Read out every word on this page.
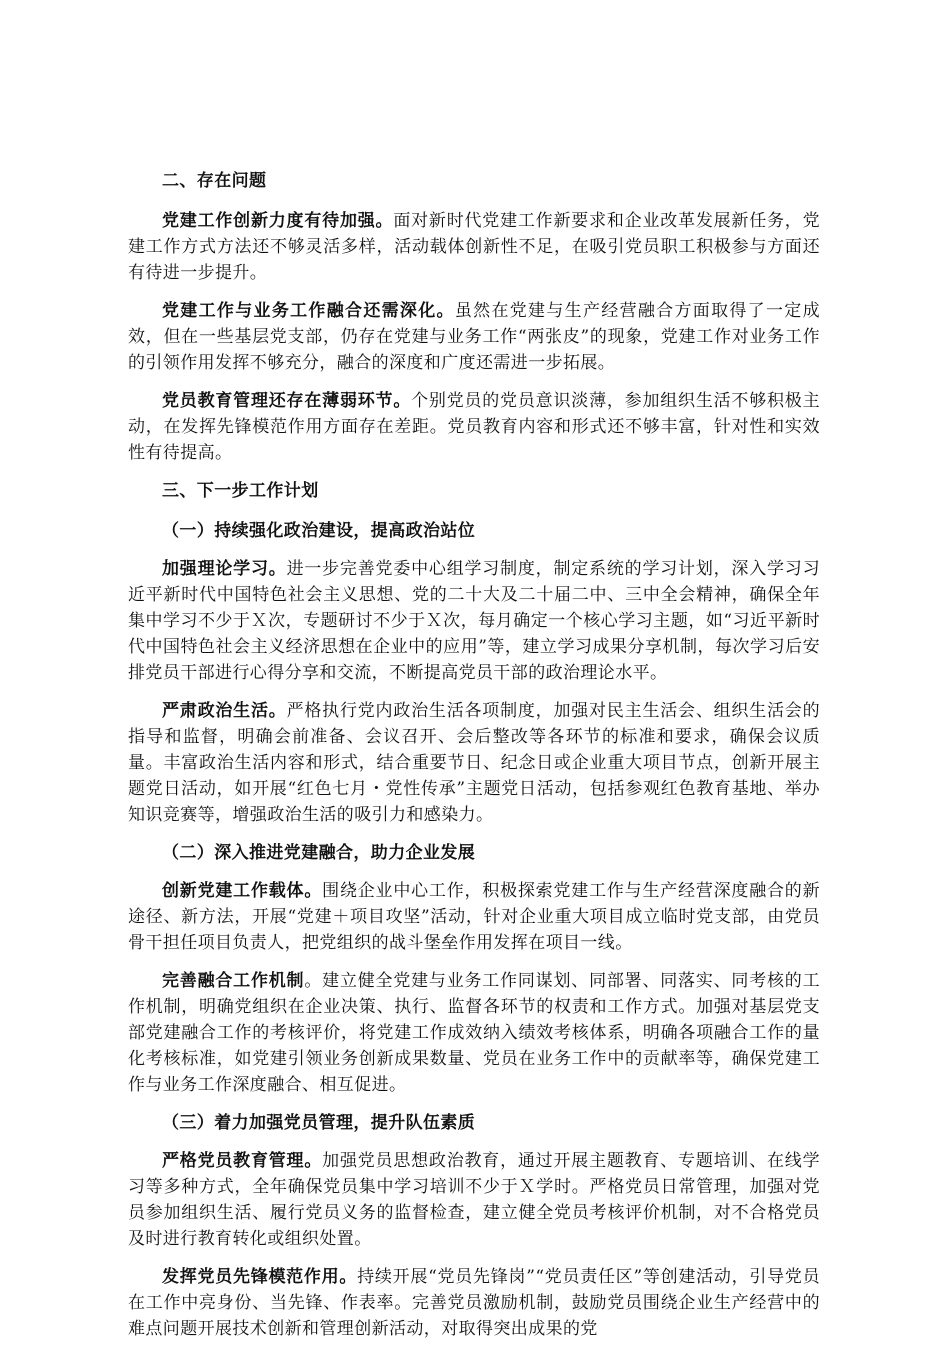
二、存在问题

党建工作创新力度有待加强。面对新时代党建工作新要求和企业改革发展新任务，党建工作方式方法还不够灵活多样，活动载体创新性不足，在吸引党员职工积极参与方面还有待进一步提升。

党建工作与业务工作融合还需深化。虽然在党建与生产经营融合方面取得了一定成效，但在一些基层党支部，仍存在党建与业务工作“两张皮”的现象，党建工作对业务工作的引领作用发挥不够充分，融合的深度和广度还需进一步拓展。

党员教育管理还存在薄弱环节。个别党员的党员意识淡薄，参加组织生活不够积极主动，在发挥先锋模范作用方面存在差距。党员教育内容和形式还不够丰富，针对性和实效性有待提高。

三、下一步工作计划

（一）持续强化政治建设，提高政治站位

加强理论学习。进一步完善党委中心组学习制度，制定系统的学习计划，深入学习习近平新时代中国特色社会主义思想、党的二十大及二十届二中、三中全会精神，确保全年集中学习不少于Ｘ次，专题研讨不少于Ｘ次，每月确定一个核心学习主题，如“习近平新时代中国特色社会主义经济思想在企业中的应用”等，建立学习成果分享机制，每次学习后安排党员干部进行心得分享和交流，不断提高党员干部的政治理论水平。

严肃政治生活。严格执行党内政治生活各项制度，加强对民主生活会、组织生活会的指导和监督，明确会前准备、会议召开、会后整改等各环节的标准和要求，确保会议质量。丰富政治生活内容和形式，结合重要节日、纪念日或企业重大项目节点，创新开展主题党日活动，如开展“红色七月・党性传承”主题党日活动，包括参观红色教育基地、举办知识竞赛等，增强政治生活的吸引力和感染力。

（二）深入推进党建融合，助力企业发展

创新党建工作载体。围绕企业中心工作，积极探索党建工作与生产经营深度融合的新途径、新方法，开展“党建＋项目攻坚”活动，针对企业重大项目成立临时党支部，由党员骨干担任项目负责人，把党组织的战斗堡垒作用发挥在项目一线。

完善融合工作机制。建立健全党建与业务工作同谋划、同部署、同落实、同考核的工作机制，明确党组织在企业决策、执行、监督各环节的权责和工作方式。加强对基层党支部党建融合工作的考核评价，将党建工作成效纳入绩效考核体系，明确各项融合工作的量化考核标准，如党建引领业务创新成果数量、党员在业务工作中的贡献率等，确保党建工作与业务工作深度融合、相互促进。

（三）着力加强党员管理，提升队伍素质

严格党员教育管理。加强党员思想政治教育，通过开展主题教育、专题培训、在线学习等多种方式，全年确保党员集中学习培训不少于Ｘ学时。严格党员日常管理，加强对党员参加组织生活、履行党员义务的监督检查，建立健全党员考核评价机制，对不合格党员及时进行教育转化或组织处置。

发挥党员先锋模范作用。持续开展“党员先锋岗”“党员责任区”等创建活动，引导党员在工作中亮身份、当先锋、作表率。完善党员激励机制，鼓励党员围绕企业生产经营中的难点问题开展技术创新和管理创新活动，对取得突出成果的党
